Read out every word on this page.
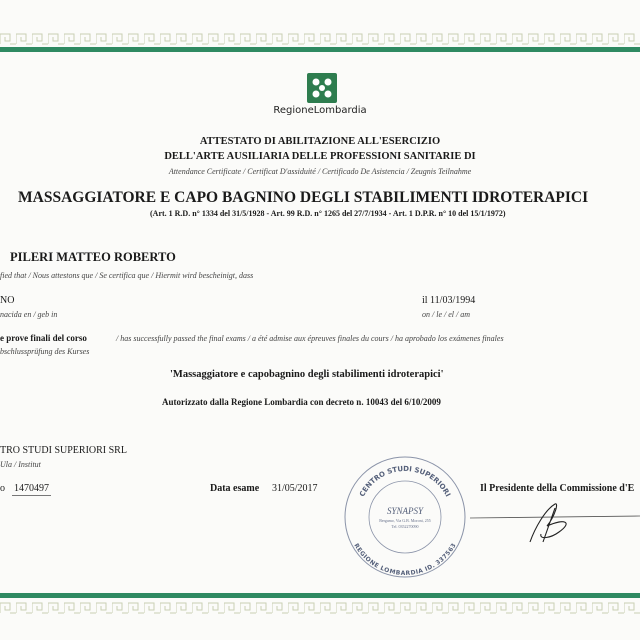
RegioneLombardia
ATTESTATO DI ABILITAZIONE ALL'ESERCIZIO
DELL'ARTE AUSILIARIA DELLE PROFESSIONI SANITARIE DI
Attendance Certificate / Certificat D'assiduité / Certificado De Asistencia / Zeugnis Teilnahme
MASSAGGIATORE E CAPO BAGNINO DEGLI STABILIMENTI IDROTERAPICI
(Art. 1 R.D. n° 1334 del 31/5/1928 - Art. 99 R.D. n° 1265 del 27/7/1934 - Art. 1 D.P.R. n° 10 del 15/1/1972)
PILERI MATTEO ROBERTO
fied that / Nous attestons que / Se certifica que / Hiermit wird bescheinigt, dass
NO
nacida en / geb in
il 11/03/1994
on / le / el / am
e prove finali del corso	/ has successfully passed the final exams / a été admise aux épreuves finales du cours / ha aprobado los exámenes finales
bschlussprüfung des Kurses
'Massaggiatore e capobagnino degli stabilimenti idroterapici'
Autorizzato dalla Regione Lombardia con decreto n. 10043 del 6/10/2009
TRO STUDI SUPERIORI SRL
Ula / Institut
o 1470497	Data esame 31/05/2017	Il Presidente della Commissione d'E
CENTRO STUDI SUPERIORI
REGIONE LOMBARDIA ID. 337563
SYNAPSY
Bergamo, Via G.B. Moroni, 255
Tel. 0352270090
